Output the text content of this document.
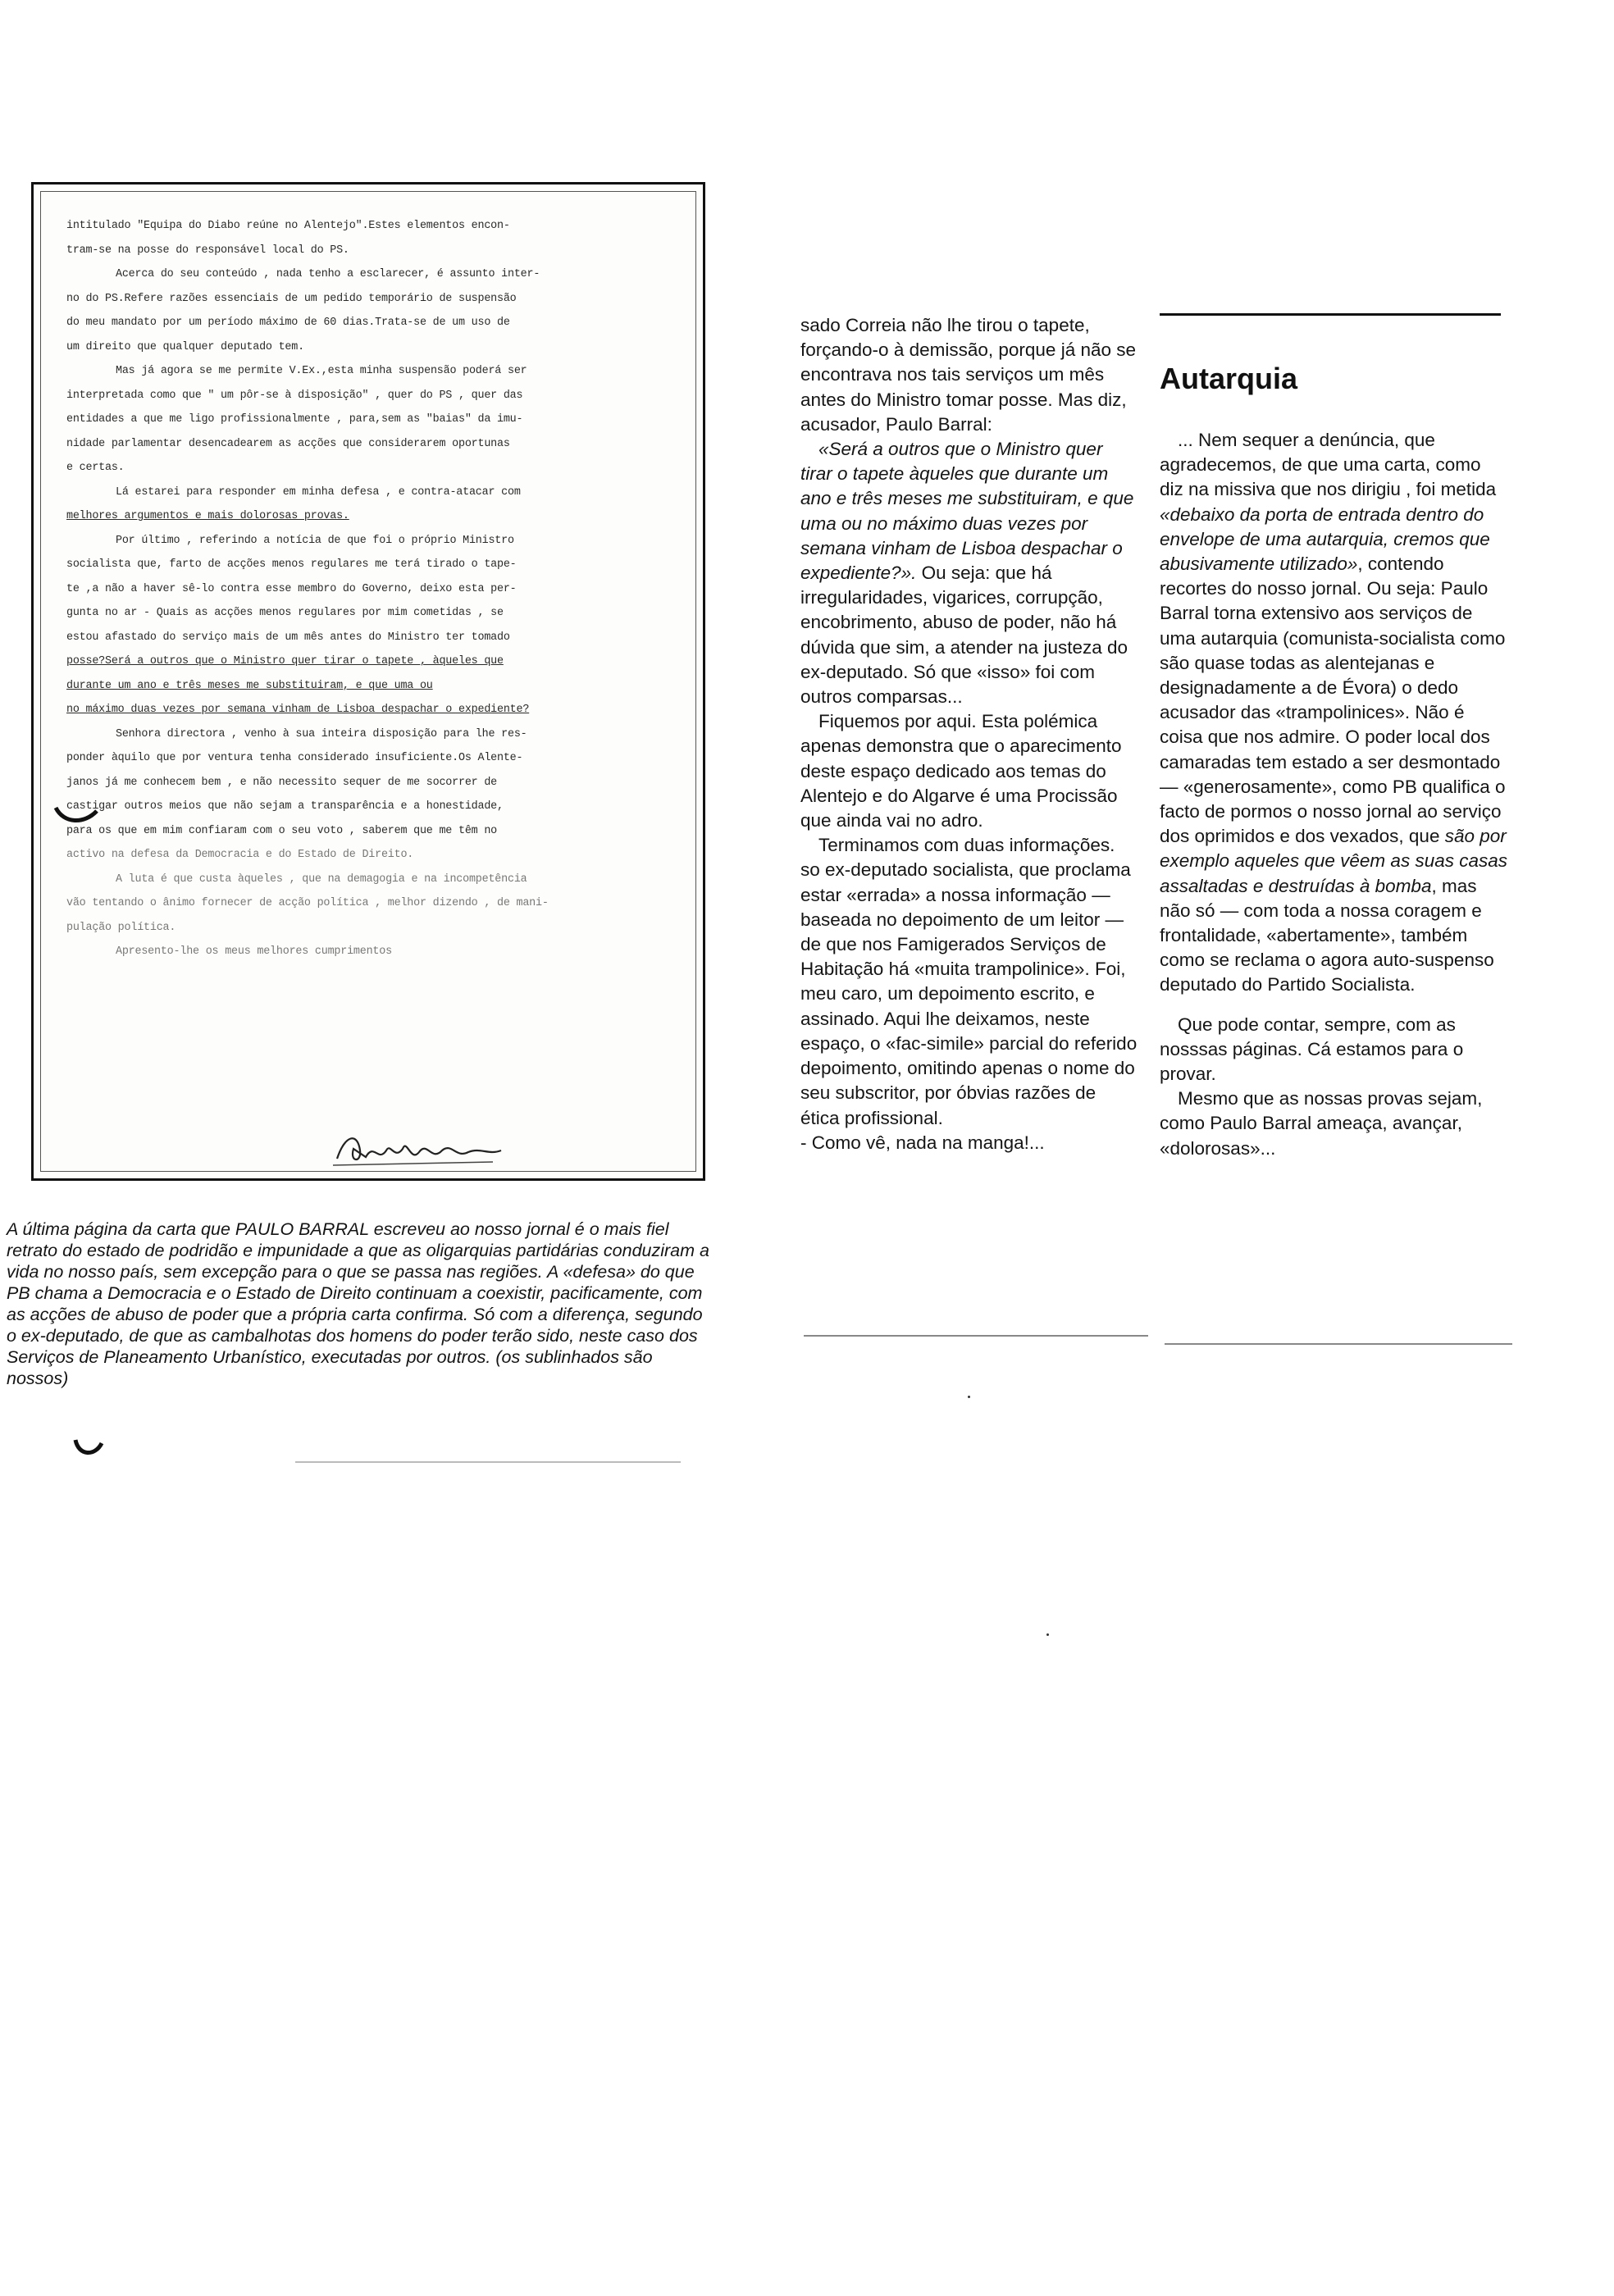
intitulado "Equipa do Diabo reúne no Alentejo".Estes elementos encon-
tram-se na posse do responsável local do PS.
Acerca do seu conteúdo , nada tenho a esclarecer, é assunto inter-
no do PS.Refere razões essenciais de um pedido temporário de suspensão
do meu mandato por um período máximo de 60 dias.Trata-se de um uso de
um direito que qualquer deputado tem.
Mas já agora se me permite V.Ex.,esta minha suspensão poderá ser
interpretada como que " um pôr-se à disposição" , quer do PS , quer das
entidades a que me ligo profissionalmente , para,sem as "baias" da imu-
nidade parlamentar desencadearem as acções que considerarem oportunas
e certas.
Lá estarei para responder em minha defesa , e contra-atacar com
melhores argumentos e mais dolorosas provas.
Por último , referindo a notícia de que foi o próprio Ministro
socialista que, farto de acções menos regulares me terá tirado o tape-
te ,a não a haver sê-lo contra esse membro do Governo, deixo esta per-
gunta no ar - Quais as acções menos regulares por mim cometidas , se
estou afastado do serviço mais de um mês antes do Ministro ter tomado
posse?Será a outros que o Ministro quer tirar o tapete , àqueles que
durante um ano e três meses me substituiram, e que uma ou
no máximo duas vezes por semana vinham de Lisboa despachar o expediente?
Senhora directora , venho à sua inteira disposição para lhe res-
ponder àquilo que por ventura tenha considerado insuficiente.Os Alente-
janos já me conhecem bem , e não necessito sequer de me socorrer de
castigar outros meios que não sejam a transparência e a honestidade,
para os que em mim confiaram com o seu voto , saberem que me têm no
activo na defesa da Democracia e do Estado de Direito.
A luta é que custa àqueles , que na demagogia e na incompetência
vão tentando o ânimo fornecer de acção política , melhor dizendo , de mani-
pulação política.
Apresento-lhe os meus melhores cumprimentos
A última página da carta que PAULO BARRAL escreveu ao nosso jornal é o mais fiel retrato do estado de podridão e impunidade a que as oligarquias partidárias conduziram a vida no nosso país, sem excepção para o que se passa nas regiões. A «defesa» do que PB chama a Democracia e o Estado de Direito continuam a coexistir, pacificamente, com as acções de abuso de poder que a própria carta confirma. Só com a diferença, segundo o ex-deputado, de que as cambalhotas dos homens do poder terão sido, neste caso dos Serviços de Planeamento Urbanístico, executadas por outros. (os sublinhados são nossos)

sado Correia não lhe tirou o tapete, forçando-o à demissão, porque já não se encontrava nos tais serviços um mês antes do Ministro tomar posse. Mas diz, acusador, Paulo Barral:

«Será a outros que o Ministro quer tirar o tapete àqueles que durante um ano e três meses me substituiram, e que uma ou no máximo duas vezes por semana vinham de Lisboa despachar o expediente?». Ou seja: que há irregularidades, vigarices, corrupção, encobrimento, abuso de poder, não há dúvida que sim, a atender na justeza do ex-deputado. Só que «isso» foi com outros comparsas...

Fiquemos por aqui. Esta polémica apenas demonstra que o aparecimento deste espaço dedicado aos temas do Alentejo e do Algarve é uma Procissão que ainda vai no adro.

Terminamos com duas informações. so ex-deputado socialista, que proclama estar «errada» a nossa informação — baseada no depoimento de um leitor — de que nos Famigerados Serviços de Habitação há «muita trampolinice». Foi, meu caro, um depoimento escrito, e assinado. Aqui lhe deixamos, neste espaço, o «fac-simile» parcial do referido depoimento, omitindo apenas o nome do seu subscritor, por óbvias razões de ética profissional.

- Como vê, nada na manga!...

Autarquia

... Nem sequer a denúncia, que agradecemos, de que uma carta, como diz na missiva que nos dirigiu , foi metida «debaixo da porta de entrada dentro do envelope de uma autarquia, cremos que abusivamente utilizado», contendo recortes do nosso jornal. Ou seja: Paulo Barral torna extensivo aos serviços de uma autarquia (comunista-socialista como são quase todas as alentejanas e designadamente a de Évora) o dedo acusador das «trampolinices». Não é coisa que nos admire. O poder local dos camaradas tem estado a ser desmontado — «generosamente», como PB qualifica o facto de pormos o nosso jornal ao serviço dos oprimidos e dos vexados, que são por exemplo aqueles que vêem as suas casas assaltadas e destruídas à bomba, mas não só — com toda a nossa coragem e frontalidade, «abertamente», também como se reclama o agora auto-suspenso deputado do Partido Socialista.

Que pode contar, sempre, com as nosssas páginas. Cá estamos para o provar.

Mesmo que as nossas provas sejam, como Paulo Barral ameaça, avançar, «dolorosas»...
